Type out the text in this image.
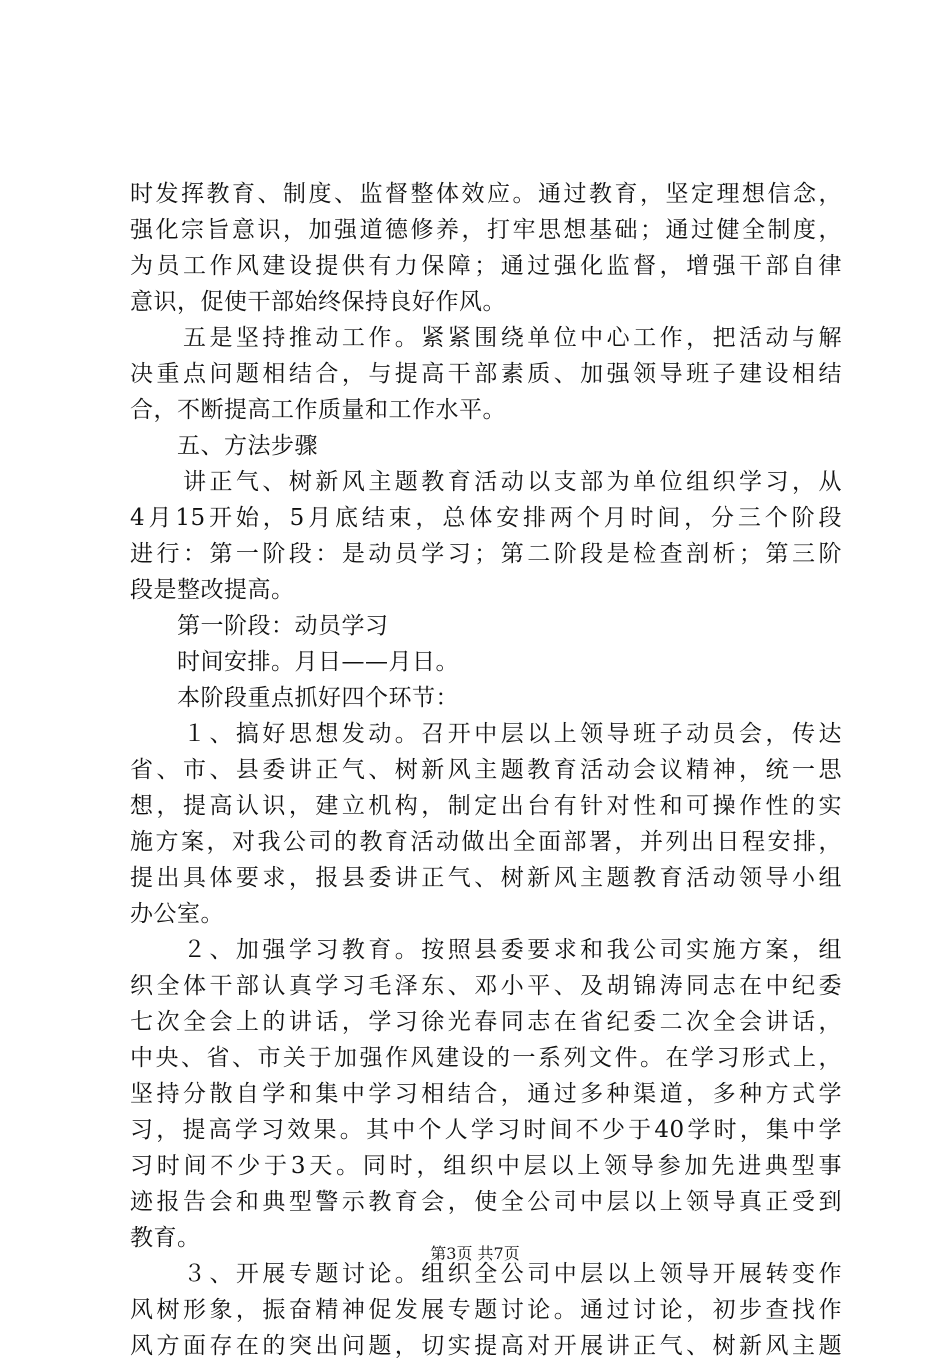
时发挥教育、制度、监督整体效应。通过教育，坚定理想信念，
强化宗旨意识，加强道德修养，打牢思想基础；通过健全制度，
为员工作风建设提供有力保障；通过强化监督，增强干部自律
意识，促使干部始终保持良好作风。
　　五是坚持推动工作。紧紧围绕单位中心工作，把活动与解
决重点问题相结合，与提高干部素质、加强领导班子建设相结
合，不断提高工作质量和工作水平。
　　五、方法步骤
　　讲正气、树新风主题教育活动以支部为单位组织学习，从
4月15开始，5月底结束，总体安排两个月时间，分三个阶段
进行：第一阶段：是动员学习；第二阶段是检查剖析；第三阶
段是整改提高。
　　第一阶段：动员学习
　　时间安排。月日——月日。
　　本阶段重点抓好四个环节：
　　１、搞好思想发动。召开中层以上领导班子动员会，传达
省、市、县委讲正气、树新风主题教育活动会议精神，统一思
想，提高认识，建立机构，制定出台有针对性和可操作性的实
施方案，对我公司的教育活动做出全面部署，并列出日程安排，
提出具体要求，报县委讲正气、树新风主题教育活动领导小组
办公室。
　　２、加强学习教育。按照县委要求和我公司实施方案，组
织全体干部认真学习毛泽东、邓小平、及胡锦涛同志在中纪委
七次全会上的讲话，学习徐光春同志在省纪委二次全会讲话，
中央、省、市关于加强作风建设的一系列文件。在学习形式上，
坚持分散自学和集中学习相结合，通过多种渠道，多种方式学
习，提高学习效果。其中个人学习时间不少于40学时，集中学
习时间不少于3天。同时，组织中层以上领导参加先进典型事
迹报告会和典型警示教育会，使全公司中层以上领导真正受到
教育。
　　３、开展专题讨论。组织全公司中层以上领导开展转变作
风树形象，振奋精神促发展专题讨论。通过讨论，初步查找作
风方面存在的突出问题，切实提高对开展讲正气、树新风主题
第3页 共7页
